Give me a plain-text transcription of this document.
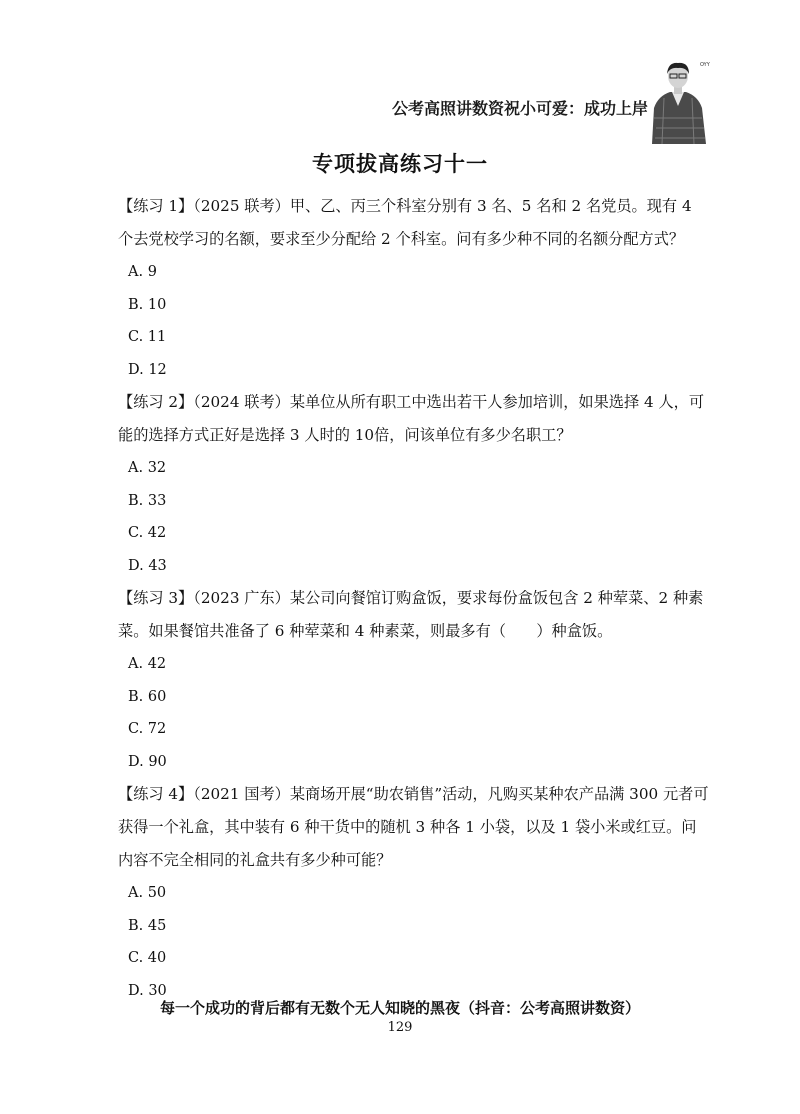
公考高照讲数资祝小可爱：成功上岸
OYY
专项拔高练习十一

【练习 1】（2025 联考）甲、乙、丙三个科室分别有 3 名、5 名和 2 名党员。现有 4 个去党校学习的名额，要求至少分配给 2 个科室。问有多少种不同的名额分配方式？

A. 9

B. 10

C. 11

D. 12

【练习 2】（2024 联考）某单位从所有职工中选出若干人参加培训，如果选择 4 人，可能的选择方式正好是选择 3 人时的 10倍，问该单位有多少名职工？

A. 32

B. 33

C. 42

D. 43

【练习 3】（2023 广东）某公司向餐馆订购盒饭，要求每份盒饭包含 2 种荤菜、2 种素菜。如果餐馆共准备了 6 种荤菜和 4 种素菜，则最多有（　　）种盒饭。

A. 42

B. 60

C. 72

D. 90

【练习 4】（2021 国考）某商场开展“助农销售”活动，凡购买某种农产品满 300 元者可获得一个礼盒，其中装有 6 种干货中的随机 3 种各 1 小袋，以及 1 袋小米或红豆。问内容不完全相同的礼盒共有多少种可能？

A. 50

B. 45

C. 40

D. 30

每一个成功的背后都有无数个无人知晓的黑夜（抖音：公考高照讲数资）
129
